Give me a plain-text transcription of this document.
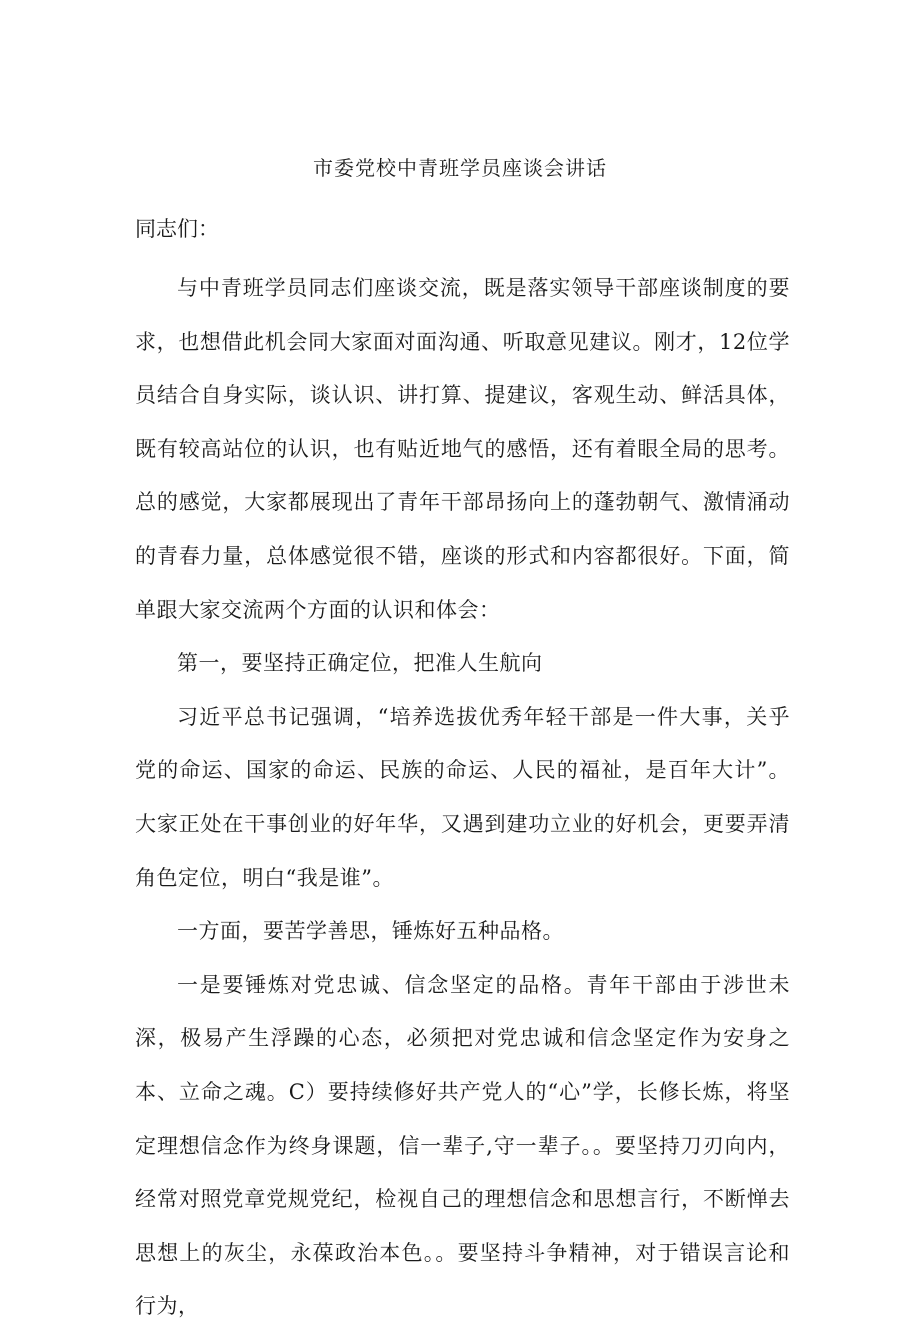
市委党校中青班学员座谈会讲话
同志们：

与中青班学员同志们座谈交流，既是落实领导干部座谈制度的要求，也想借此机会同大家面对面沟通、听取意见建议。刚才，12位学员结合自身实际，谈认识、讲打算、提建议，客观生动、鲜活具体，既有较高站位的认识，也有贴近地气的感悟，还有着眼全局的思考。总的感觉，大家都展现出了青年干部昂扬向上的蓬勃朝气、激情涌动的青春力量，总体感觉很不错，座谈的形式和内容都很好。下面，简单跟大家交流两个方面的认识和体会：

第一，要坚持正确定位，把准人生航向

习近平总书记强调，“培养选拔优秀年轻干部是一件大事，关乎党的命运、国家的命运、民族的命运、人民的福祉，是百年大计”。大家正处在干事创业的好年华，又遇到建功立业的好机会，更要弄清角色定位，明白“我是谁”。

一方面，要苦学善思，锤炼好五种品格。

一是要锤炼对党忠诚、信念坚定的品格。青年干部由于涉世未深，极易产生浮躁的心态，必须把对党忠诚和信念坚定作为安身之本、立命之魂。C）要持续修好共产党人的“心”学，长修长炼，将坚定理想信念作为终身课题，信一辈子,守一辈子。。要坚持刀刃向内，经常对照党章党规党纪，检视自己的理想信念和思想言行，不断惮去思想上的灰尘，永葆政治本色。。要坚持斗争精神，对于错误言论和行为，
